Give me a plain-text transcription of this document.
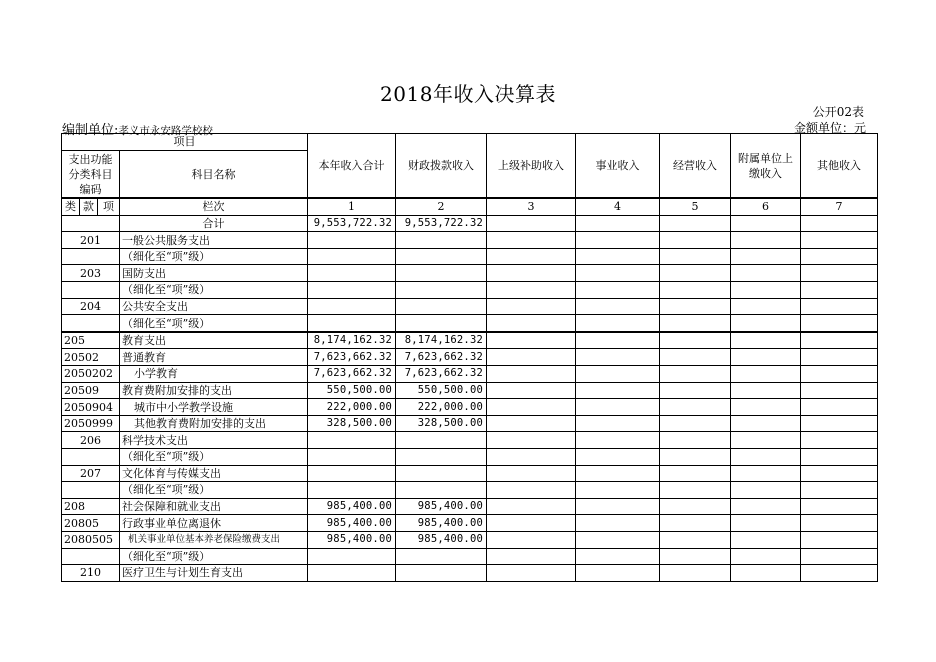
2018年收入决算表
公开02表
编制单位:孝义市永安路学校校	金额单位：元
项目				本年收入合计	财政拨款收入	上级补助收入	事业收入	经营收入	附属单位上
缴收入	其他收入

支出功能
分类科目
编码			科目名称							

类	款	项	栏次	1	2	3	4	5	6	7
			合计	9,553,722.32	9,553,722.32					
201			一般公共服务支出							
			（细化至“项”级）							
203			国防支出							
			（细化至“项”级）							
204			公共安全支出							
			（细化至“项”级）							
205			教育支出	8,174,162.32	8,174,162.32					
20502			普通教育	7,623,662.32	7,623,662.32					
2050202			小学教育	7,623,662.32	7,623,662.32					
20509			教育费附加安排的支出	550,500.00	550,500.00					
2050904			城市中小学教学设施	222,000.00	222,000.00					
2050999			其他教育费附加安排的支出	328,500.00	328,500.00					
206			科学技术支出							
			（细化至“项”级）							
207			文化体育与传媒支出							
			（细化至“项”级）							
208			社会保障和就业支出	985,400.00	985,400.00					
20805			行政事业单位离退休	985,400.00	985,400.00					
2080505			机关事业单位基本养老保险缴费支出	985,400.00	985,400.00					
			（细化至“项”级）							
210			医疗卫生与计划生育支出							
